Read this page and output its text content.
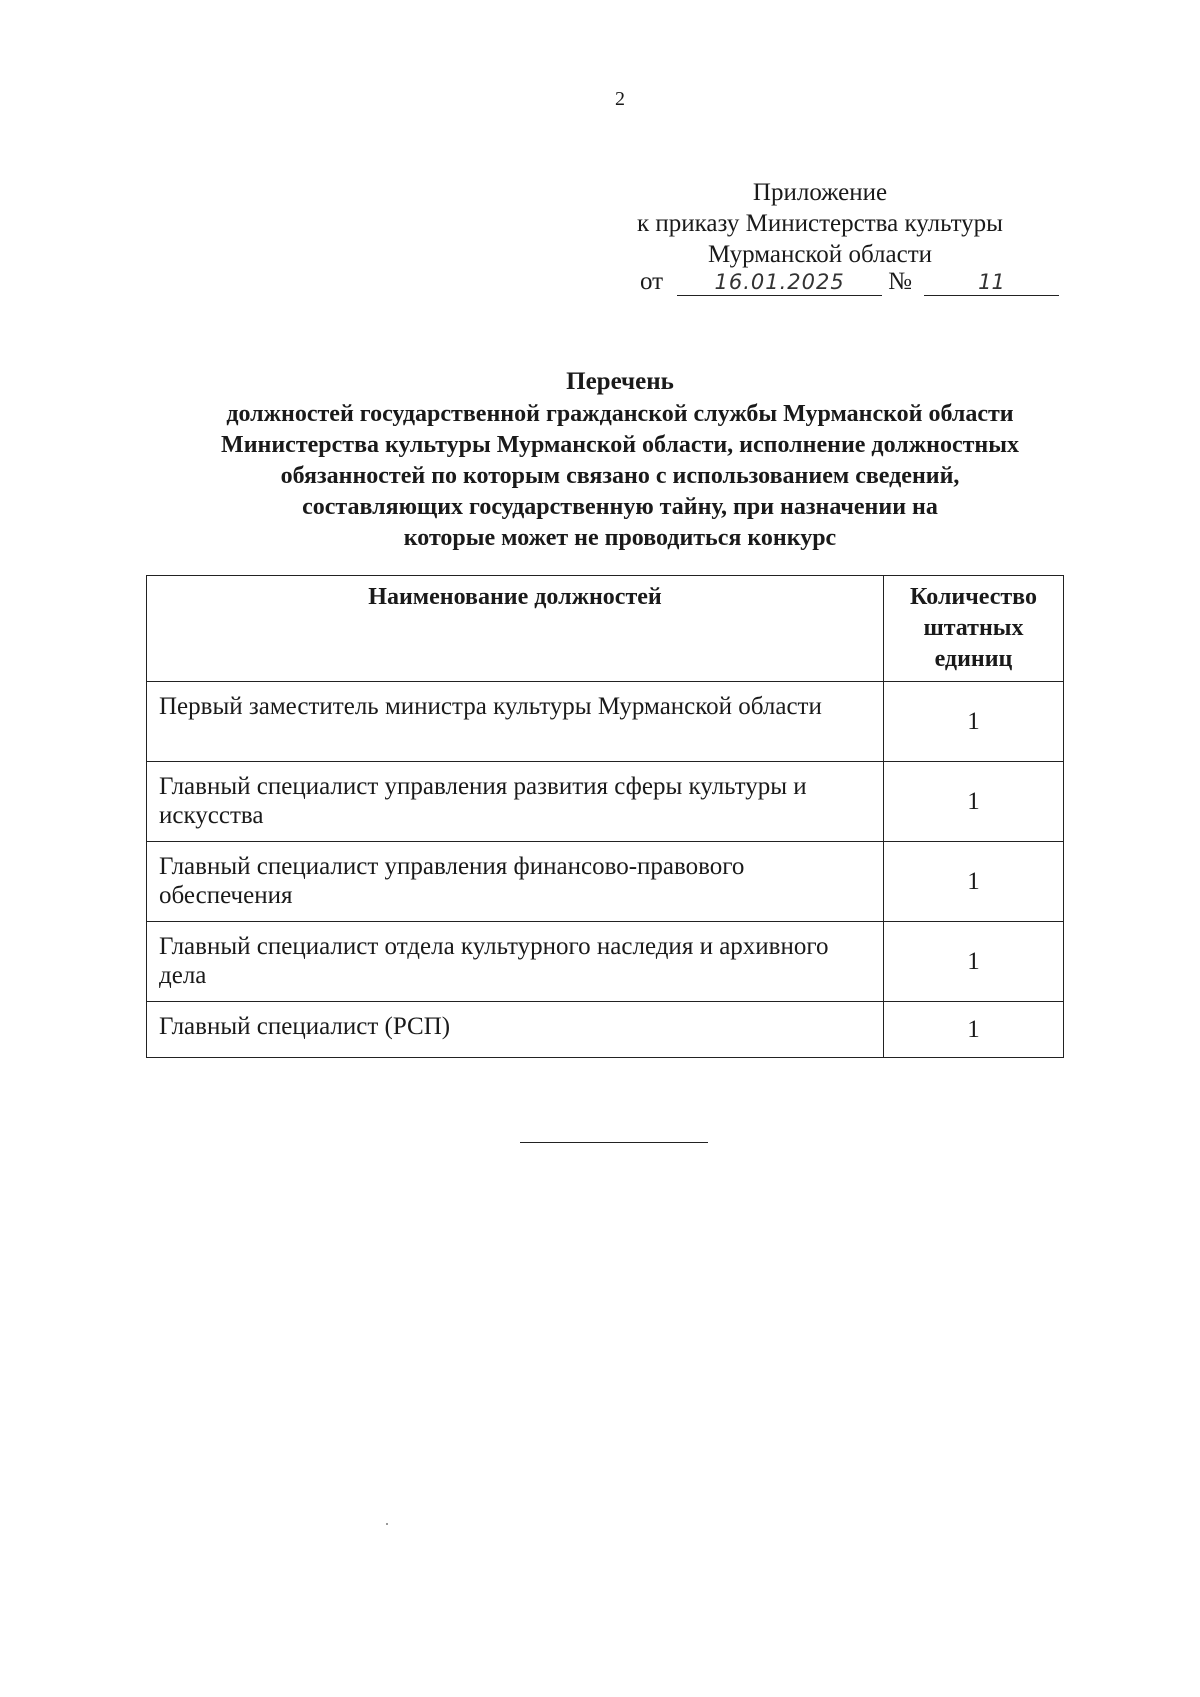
2
Приложение
к приказу Министерства культуры
Мурманской области
от	16.01.2025	№	11
Перечень
должностей государственной гражданской службы Мурманской области
Министерства культуры Мурманской области, исполнение должностных
обязанностей по которым связано с использованием сведений,
составляющих государственную тайну, при назначении на
которые может не проводиться конкурс
Наименование должностей	Количество
штатных
единиц

Первый заместитель министра культуры Мурманской области	1
Главный специалист управления развития сферы культуры и искусства	1
Главный специалист управления финансово-правового обеспечения	1
Главный специалист отдела культурного наследия и архивного дела	1
Главный специалист (РСП)	1
